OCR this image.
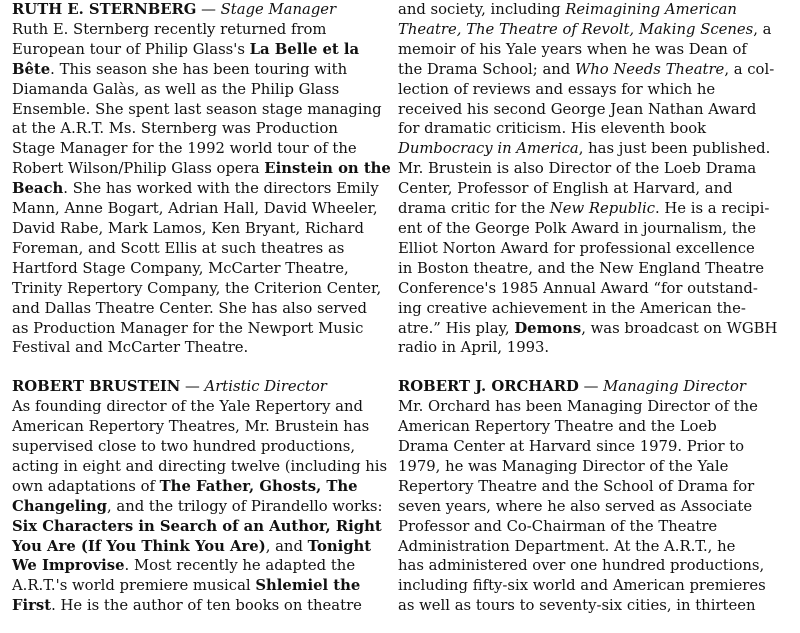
RUTH E. STERNBERG — Stage Manager
Ruth E. Sternberg recently returned from
European tour of Philip Glass's La Belle et la
Bête. This season she has been touring with
Diamanda Galàs, as well as the Philip Glass
Ensemble. She spent last season stage managing
at the A.R.T. Ms. Sternberg was Production
Stage Manager for the 1992 world tour of the
Robert Wilson/Philip Glass opera Einstein on the
Beach. She has worked with the directors Emily
Mann, Anne Bogart, Adrian Hall, David Wheeler,
David Rabe, Mark Lamos, Ken Bryant, Richard
Foreman, and Scott Ellis at such theatres as
Hartford Stage Company, McCarter Theatre,
Trinity Repertory Company, the Criterion Center,
and Dallas Theatre Center. She has also served
as Production Manager for the Newport Music
Festival and McCarter Theatre.
ROBERT BRUSTEIN — Artistic Director
As founding director of the Yale Repertory and
American Repertory Theatres, Mr. Brustein has
supervised close to two hundred productions,
acting in eight and directing twelve (including his
own adaptations of The Father, Ghosts, The
Changeling, and the trilogy of Pirandello works:
Six Characters in Search of an Author, Right
You Are (If You Think You Are), and Tonight
We Improvise. Most recently he adapted the
A.R.T.'s world premiere musical Shlemiel the
First. He is the author of ten books on theatre
and society, including Reimagining American
Theatre, The Theatre of Revolt, Making Scenes, a
memoir of his Yale years when he was Dean of
the Drama School; and Who Needs Theatre, a col-
lection of reviews and essays for which he
received his second George Jean Nathan Award
for dramatic criticism. His eleventh book
Dumbocracy in America, has just been published.
Mr. Brustein is also Director of the Loeb Drama
Center, Professor of English at Harvard, and
drama critic for the New Republic. He is a recipi-
ent of the George Polk Award in journalism, the
Elliot Norton Award for professional excellence
in Boston theatre, and the New England Theatre
Conference's 1985 Annual Award “for outstand-
ing creative achievement in the American the-
atre.” His play, Demons, was broadcast on WGBH
radio in April, 1993.
ROBERT J. ORCHARD — Managing Director
Mr. Orchard has been Managing Director of the
American Repertory Theatre and the Loeb
Drama Center at Harvard since 1979. Prior to
1979, he was Managing Director of the Yale
Repertory Theatre and the School of Drama for
seven years, where he also served as Associate
Professor and Co-Chairman of the Theatre
Administration Department. At the A.R.T., he
has administered over one hundred productions,
including fifty-six world and American premieres
as well as tours to seventy-six cities, in thirteen
